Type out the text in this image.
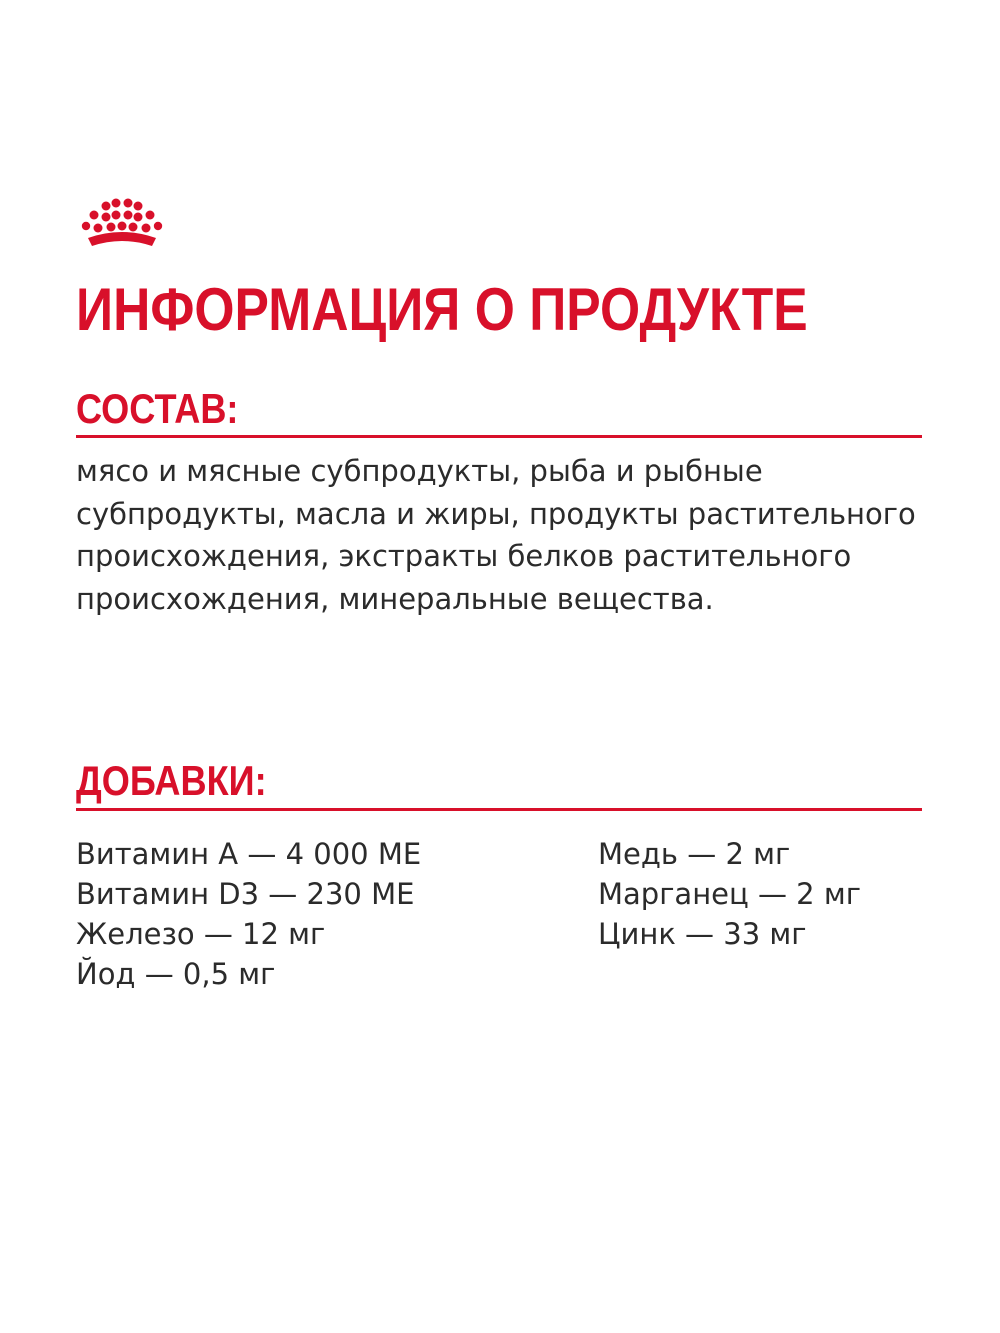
ИНФОРМАЦИЯ О ПРОДУКТЕ
СОСТАВ:

мясо и мясные субпродукты, рыба и рыбные субпродукты, масла и жиры, продукты растительного происхождения, экстракты белков растительного происхождения, минеральные вещества.

ДОБАВКИ:
Витамин А — 4 000 МЕ
Витамин D3 — 230 МЕ
Железо — 12 мг
Йод — 0,5 мг
Медь — 2 мг
Марганец — 2 мг
Цинк — 33 мг
